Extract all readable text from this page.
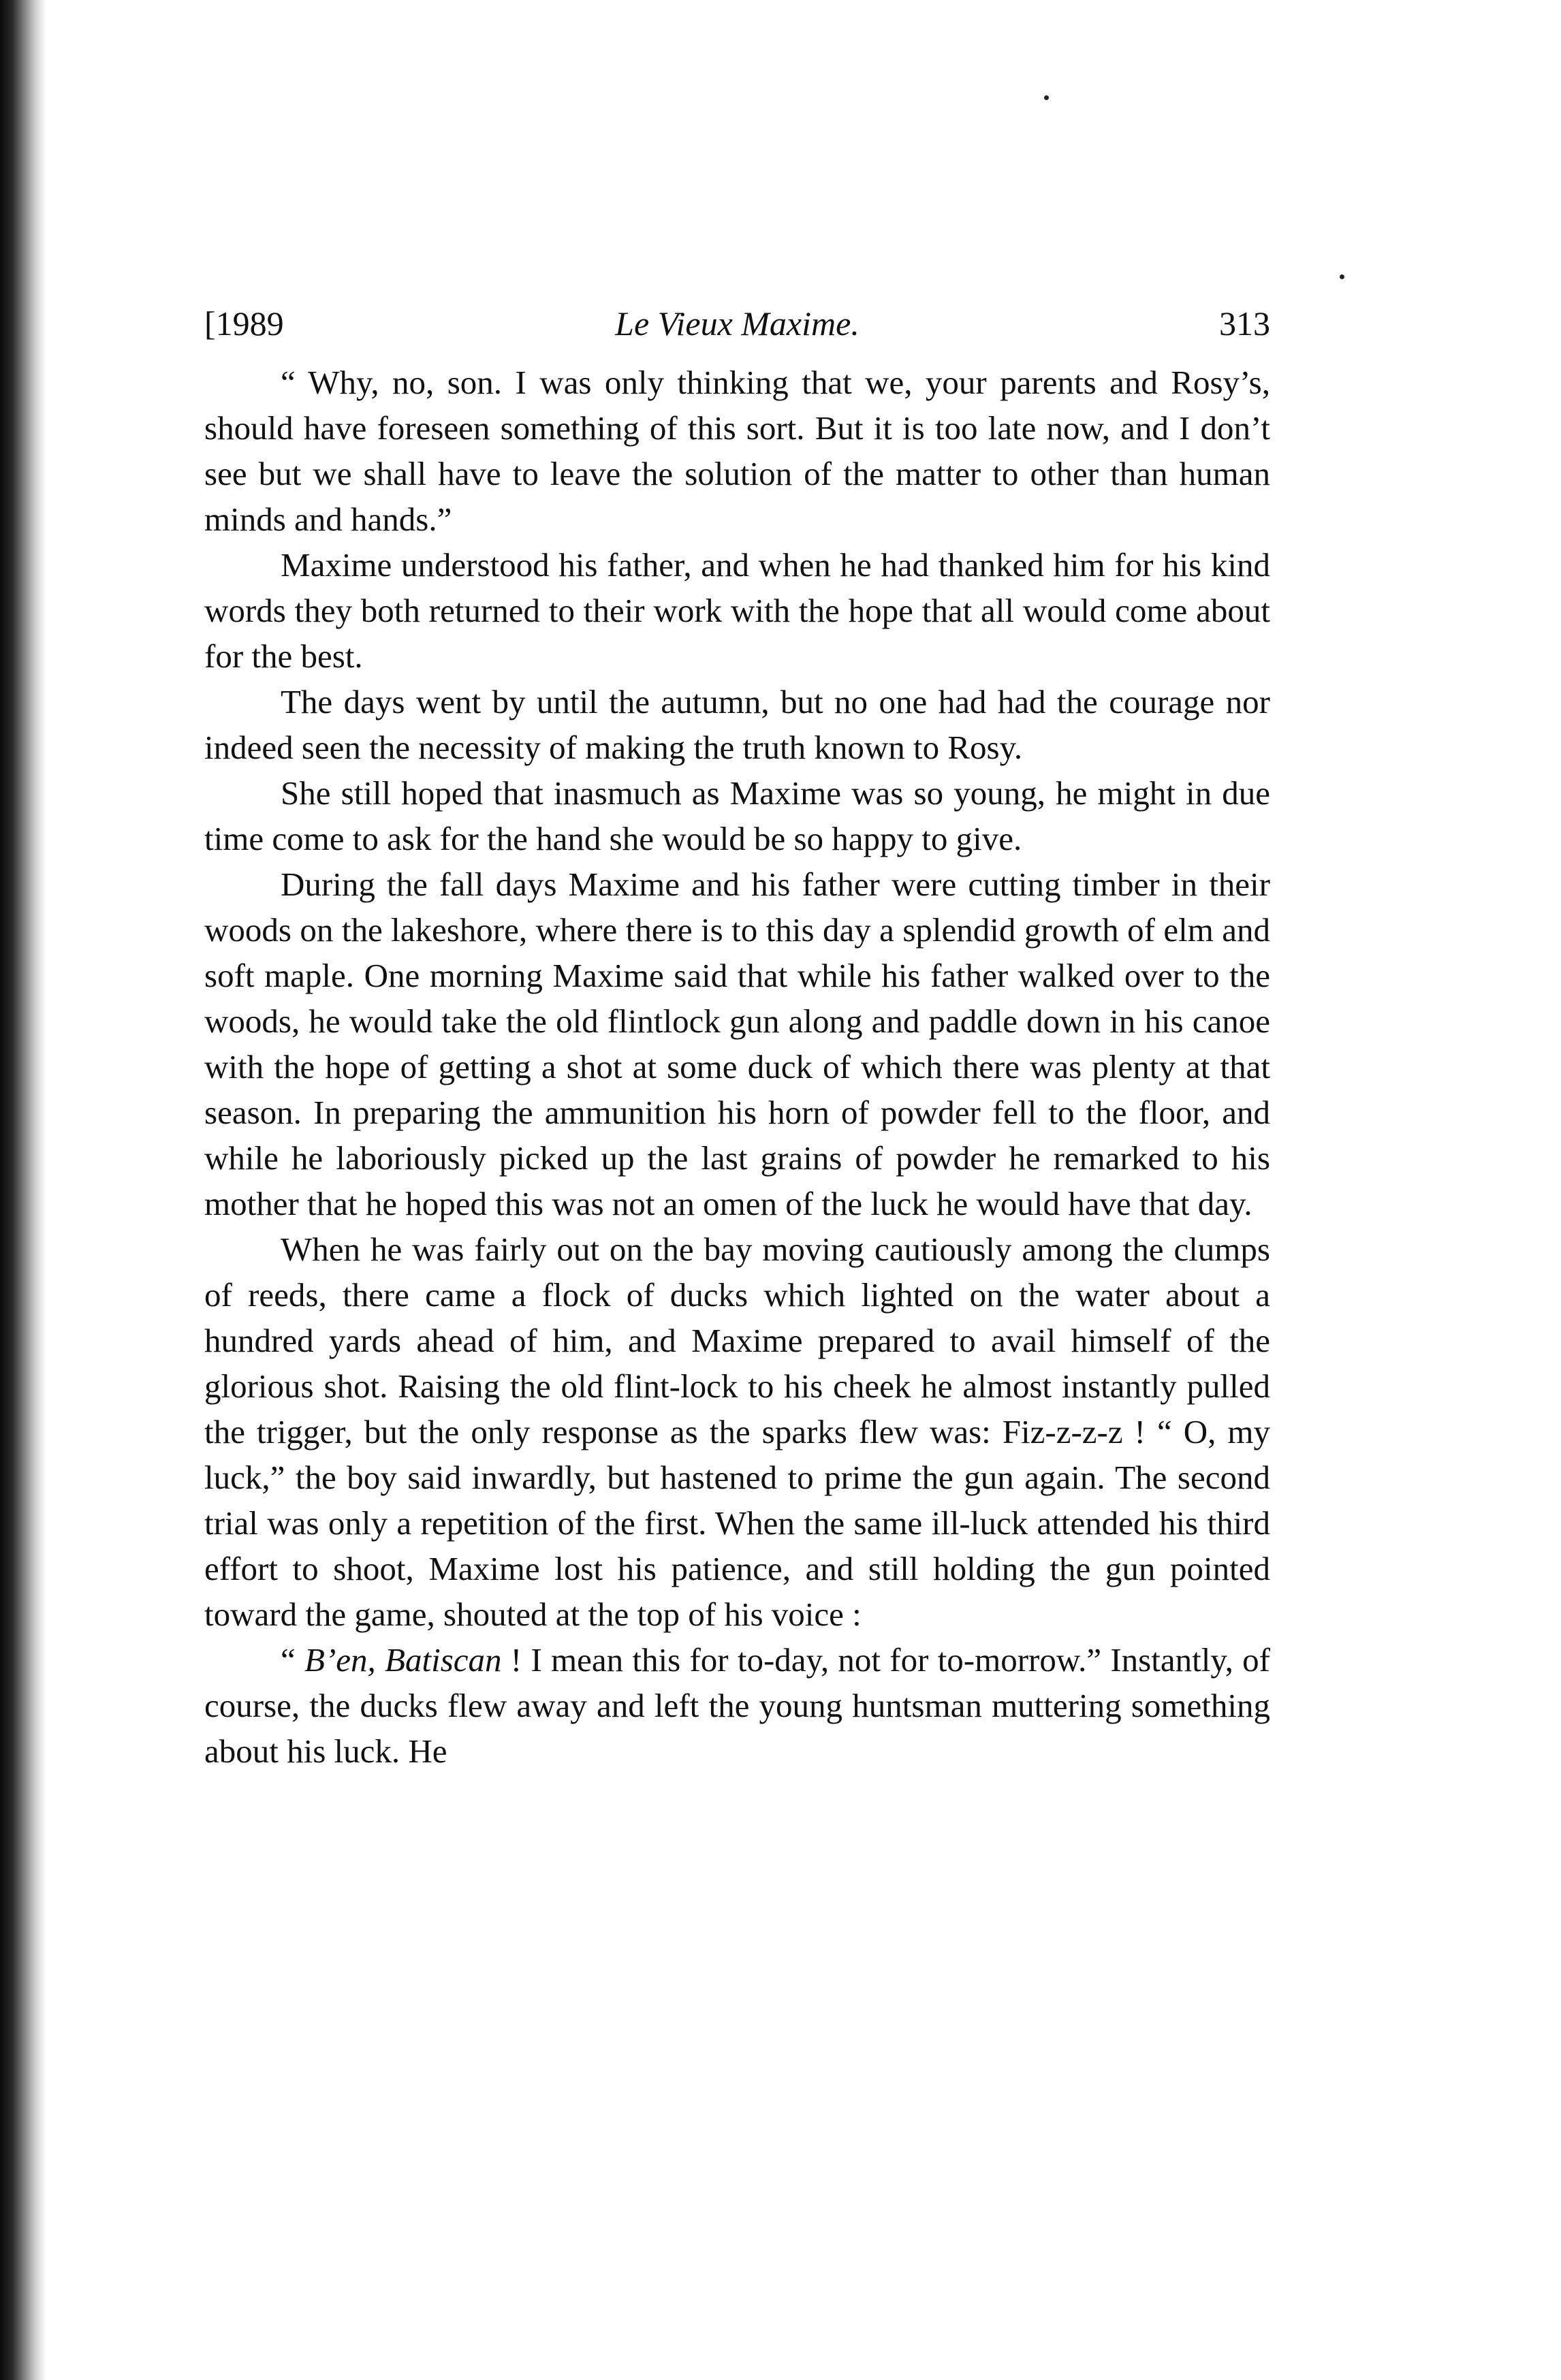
[1989	Le Vieux Maxime.	313

“ Why, no, son. I was only thinking that we, your parents and Rosy’s, should have foreseen something of this sort. But it is too late now, and I don’t see but we shall have to leave the solution of the matter to other than human minds and hands.”

Maxime understood his father, and when he had thanked him for his kind words they both returned to their work with the hope that all would come about for the best.

The days went by until the autumn, but no one had had the courage nor indeed seen the necessity of making the truth known to Rosy.

She still hoped that inasmuch as Maxime was so young, he might in due time come to ask for the hand she would be so happy to give.

During the fall days Maxime and his father were cutting timber in their woods on the lakeshore, where there is to this day a splendid growth of elm and soft maple. One morning Maxime said that while his father walked over to the woods, he would take the old flintlock gun along and paddle down in his canoe with the hope of getting a shot at some duck of which there was plenty at that season. In preparing the ammunition his horn of powder fell to the floor, and while he laboriously picked up the last grains of powder he remarked to his mother that he hoped this was not an omen of the luck he would have that day.

When he was fairly out on the bay moving cautiously among the clumps of reeds, there came a flock of ducks which lighted on the water about a hundred yards ahead of him, and Maxime prepared to avail himself of the glorious shot. Raising the old flint-lock to his cheek he almost instantly pulled the trigger, but the only response as the sparks flew was: Fiz-z-z-z ! “ O, my luck,” the boy said inwardly, but hastened to prime the gun again. The second trial was only a repetition of the first. When the same ill-luck attended his third effort to shoot, Maxime lost his patience, and still holding the gun pointed toward the game, shouted at the top of his voice :

“ B’en, Batiscan ! I mean this for to-day, not for to-morrow.” Instantly, of course, the ducks flew away and left the young huntsman muttering something about his luck. He
